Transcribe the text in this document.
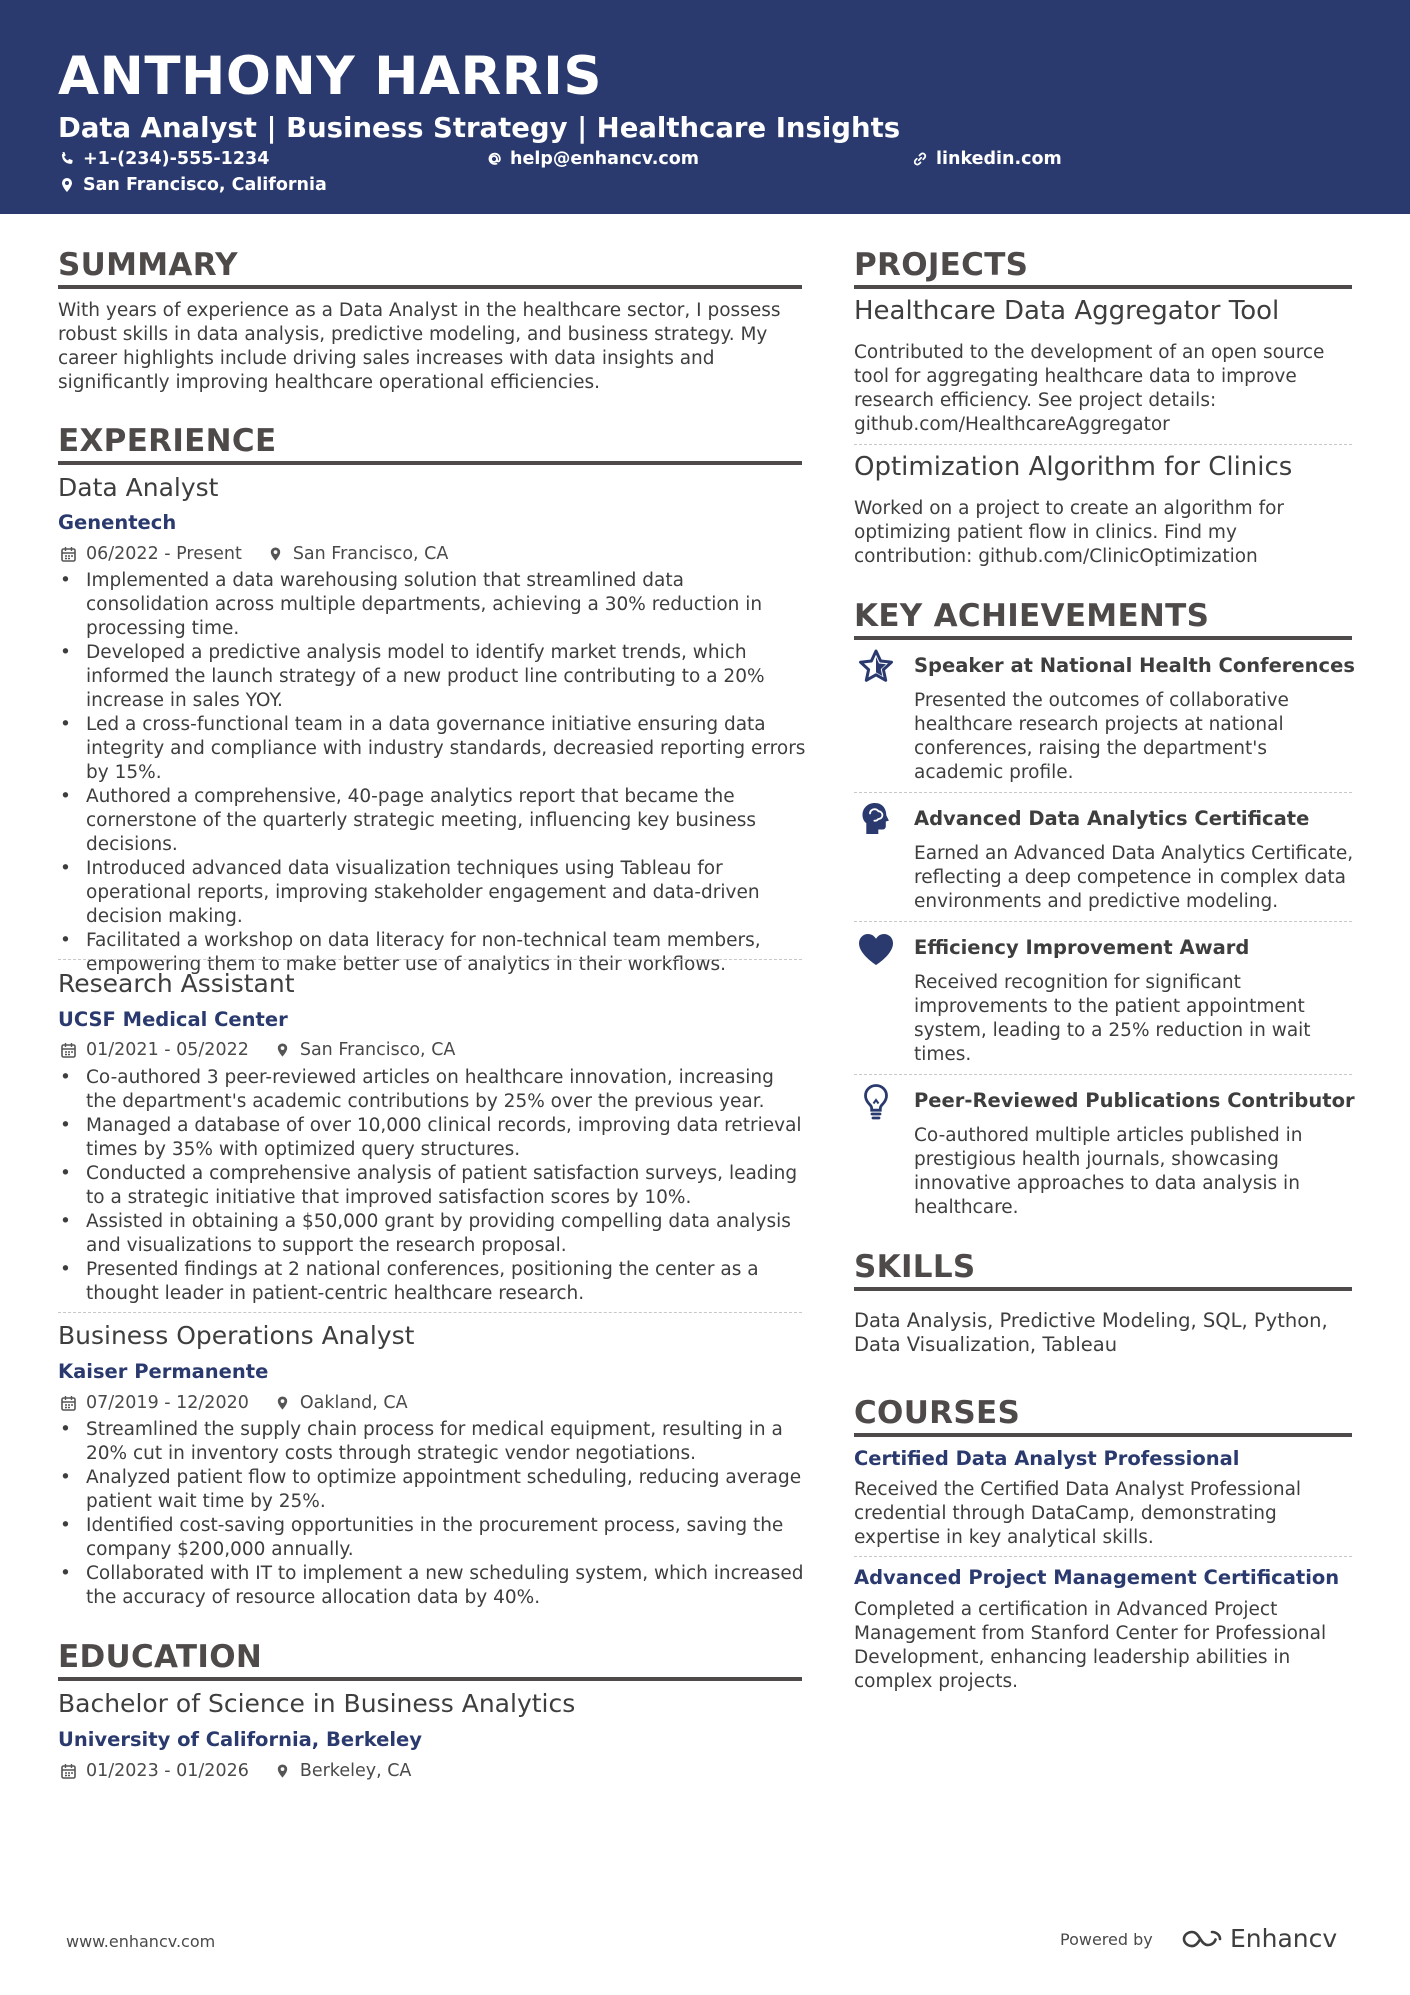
ANTHONY HARRIS
Data Analyst | Business Strategy | Healthcare Insights
+1-(234)-555-1234	help@enhancv.com	linkedin.com
San Francisco, California
SUMMARY
With years of experience as a Data Analyst in the healthcare sector, I possess robust skills in data analysis, predictive modeling, and business strategy. My career highlights include driving sales increases with data insights and significantly improving healthcare operational efficiencies.
EXPERIENCE
Data Analyst
Genentech
06/2022 - Present	San Francisco, CA
• Implemented a data warehousing solution that streamlined data consolidation across multiple departments, achieving a 30% reduction in processing time.
• Developed a predictive analysis model to identify market trends, which informed the launch strategy of a new product line contributing to a 20% increase in sales YOY.
• Led a cross-functional team in a data governance initiative ensuring data integrity and compliance with industry standards, decreasied reporting errors by 15%.
• Authored a comprehensive, 40-page analytics report that became the cornerstone of the quarterly strategic meeting, influencing key business decisions.
• Introduced advanced data visualization techniques using Tableau for operational reports, improving stakeholder engagement and data-driven decision making.
• Facilitated a workshop on data literacy for non-technical team members, empowering them to make better use of analytics in their workflows.
Research Assistant
UCSF Medical Center
01/2021 - 05/2022	San Francisco, CA
• Co-authored 3 peer-reviewed articles on healthcare innovation, increasing the department's academic contributions by 25% over the previous year.
• Managed a database of over 10,000 clinical records, improving data retrieval times by 35% with optimized query structures.
• Conducted a comprehensive analysis of patient satisfaction surveys, leading to a strategic initiative that improved satisfaction scores by 10%.
• Assisted in obtaining a $50,000 grant by providing compelling data analysis and visualizations to support the research proposal.
• Presented findings at 2 national conferences, positioning the center as a thought leader in patient-centric healthcare research.
Business Operations Analyst
Kaiser Permanente
07/2019 - 12/2020	Oakland, CA
• Streamlined the supply chain process for medical equipment, resulting in a 20% cut in inventory costs through strategic vendor negotiations.
• Analyzed patient flow to optimize appointment scheduling, reducing average patient wait time by 25%.
• Identified cost-saving opportunities in the procurement process, saving the company $200,000 annually.
• Collaborated with IT to implement a new scheduling system, which increased the accuracy of resource allocation data by 40%.
EDUCATION
Bachelor of Science in Business Analytics
University of California, Berkeley
01/2023 - 01/2026	Berkeley, CA
PROJECTS
Healthcare Data Aggregator Tool
Contributed to the development of an open source tool for aggregating healthcare data to improve research efficiency. See project details: github.com/HealthcareAggregator
Optimization Algorithm for Clinics
Worked on a project to create an algorithm for optimizing patient flow in clinics. Find my contribution: github.com/ClinicOptimization
KEY ACHIEVEMENTS
Speaker at National Health Conferences
Presented the outcomes of collaborative healthcare research projects at national conferences, raising the department's academic profile.
Advanced Data Analytics Certificate
Earned an Advanced Data Analytics Certificate, reflecting a deep competence in complex data environments and predictive modeling.
Efficiency Improvement Award
Received recognition for significant improvements to the patient appointment system, leading to a 25% reduction in wait times.
Peer-Reviewed Publications Contributor
Co-authored multiple articles published in prestigious health journals, showcasing innovative approaches to data analysis in healthcare.
SKILLS
Data Analysis, Predictive Modeling, SQL, Python, Data Visualization, Tableau
COURSES
Certified Data Analyst Professional
Received the Certified Data Analyst Professional credential through DataCamp, demonstrating expertise in key analytical skills.
Advanced Project Management Certification
Completed a certification in Advanced Project Management from Stanford Center for Professional Development, enhancing leadership abilities in complex projects.
www.enhancv.com	Powered by	Enhancv
